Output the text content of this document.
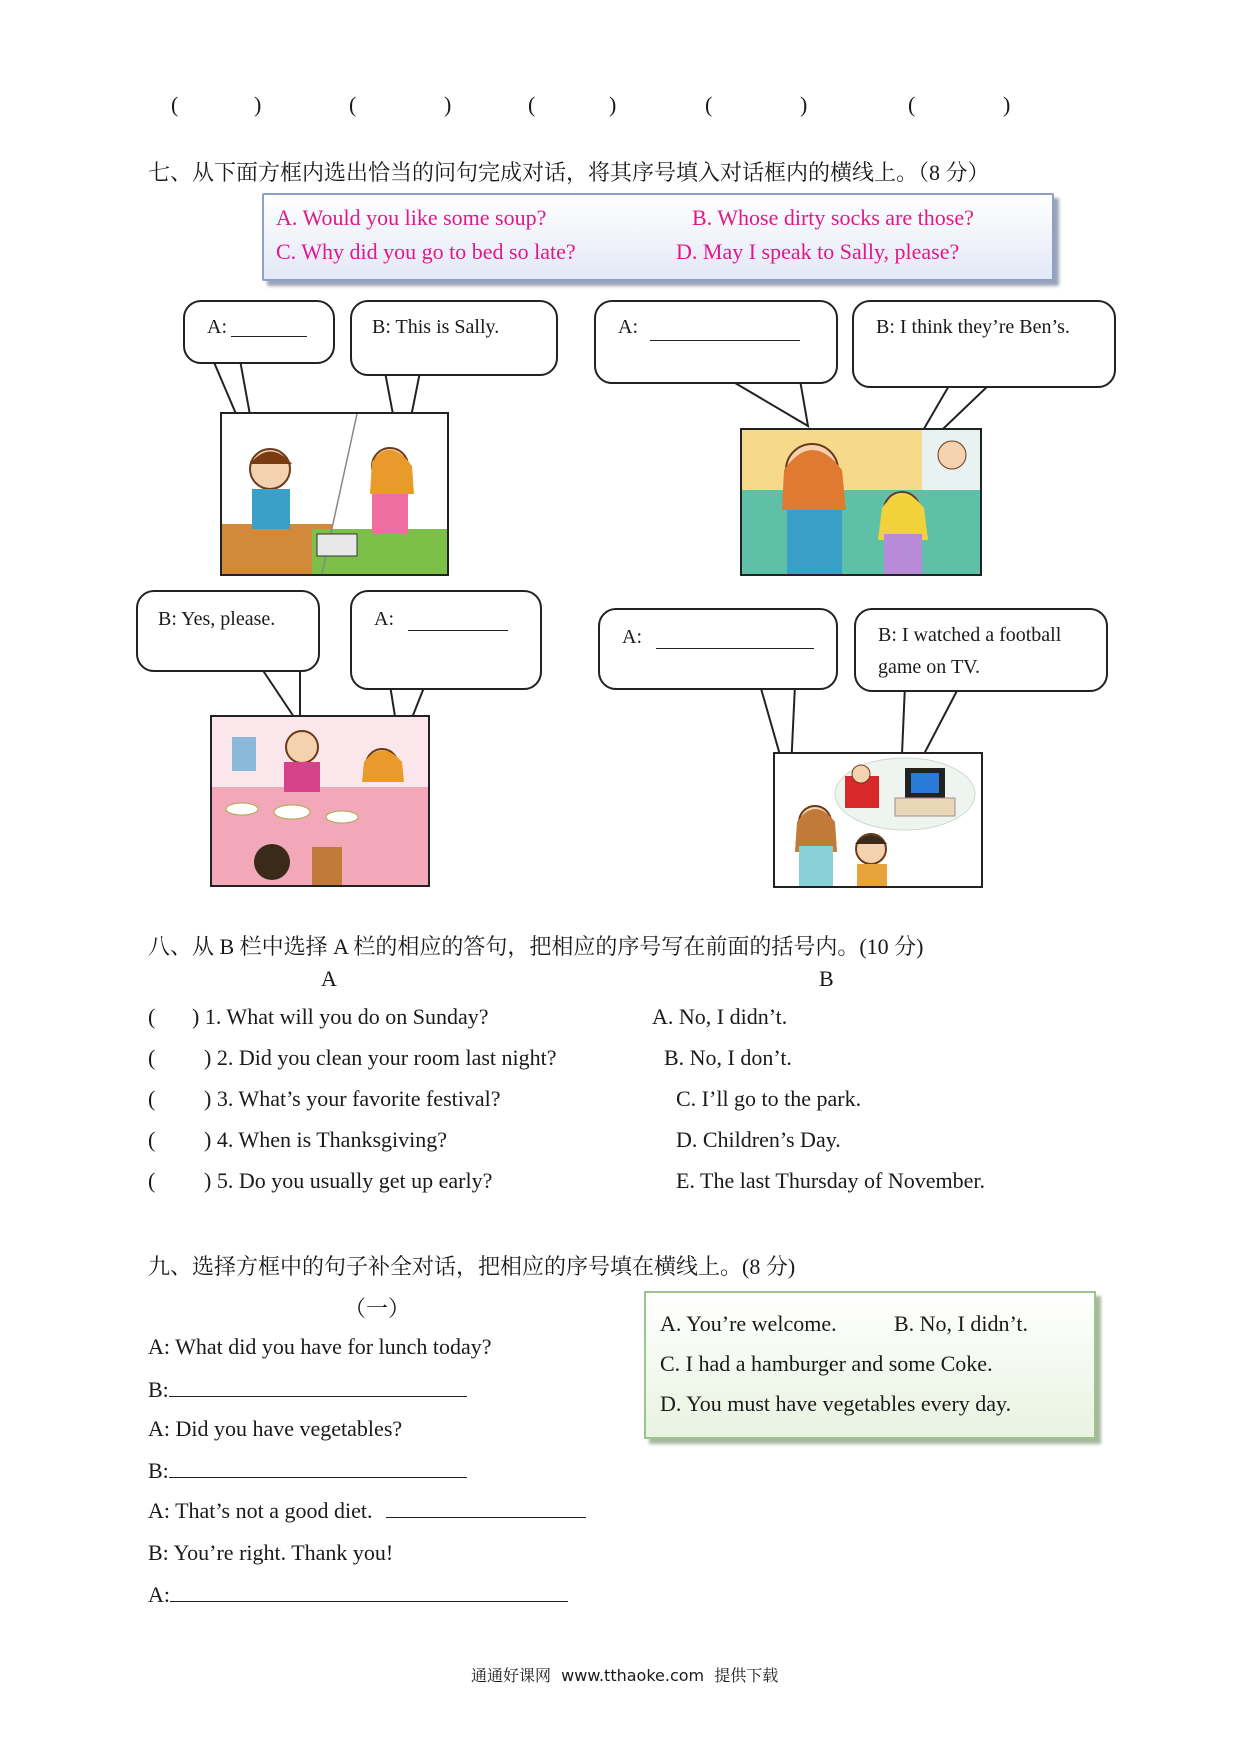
(	)	(	)	(	)	(	)	(	)
七、从下面方框内选出恰当的问句完成对话，将其序号填入对话框内的横线上。（8 分）
A. Would you like some soup?	B. Whose dirty socks are those?
C. Why did you go to bed so late?	D. May I speak to Sally, please?
A:	B: This is Sally.	A:	B: I think they’re Ben’s.
B: Yes, please.	A:
A:	B: I watched a football
game on TV.
八、从 B 栏中选择 A 栏的相应的答句，把相应的序号写在前面的括号内。(10 分)
A	B
( ) 1. What will you do on Sunday?	A. No, I didn’t.
( ) 2. Did you clean your room last night?	B. No, I don’t.
( ) 3. What’s your favorite festival?	C. I’ll go to the park.
( ) 4. When is Thanksgiving?	D. Children’s Day.
( ) 5. Do you usually get up early?	E. The last Thursday of November.
九、选择方框中的句子补全对话，把相应的序号填在横线上。(8 分)
（一）
A: What did you have for lunch today?
B:
A: Did you have vegetables?
B:
A: That’s not a good diet.
B: You’re right. Thank you!
A:
A. You’re welcome.	B. No, I didn’t.
C. I had a hamburger and some Coke.
D. You must have vegetables every day.
通通好课网  www.tthaoke.com  提供下载
